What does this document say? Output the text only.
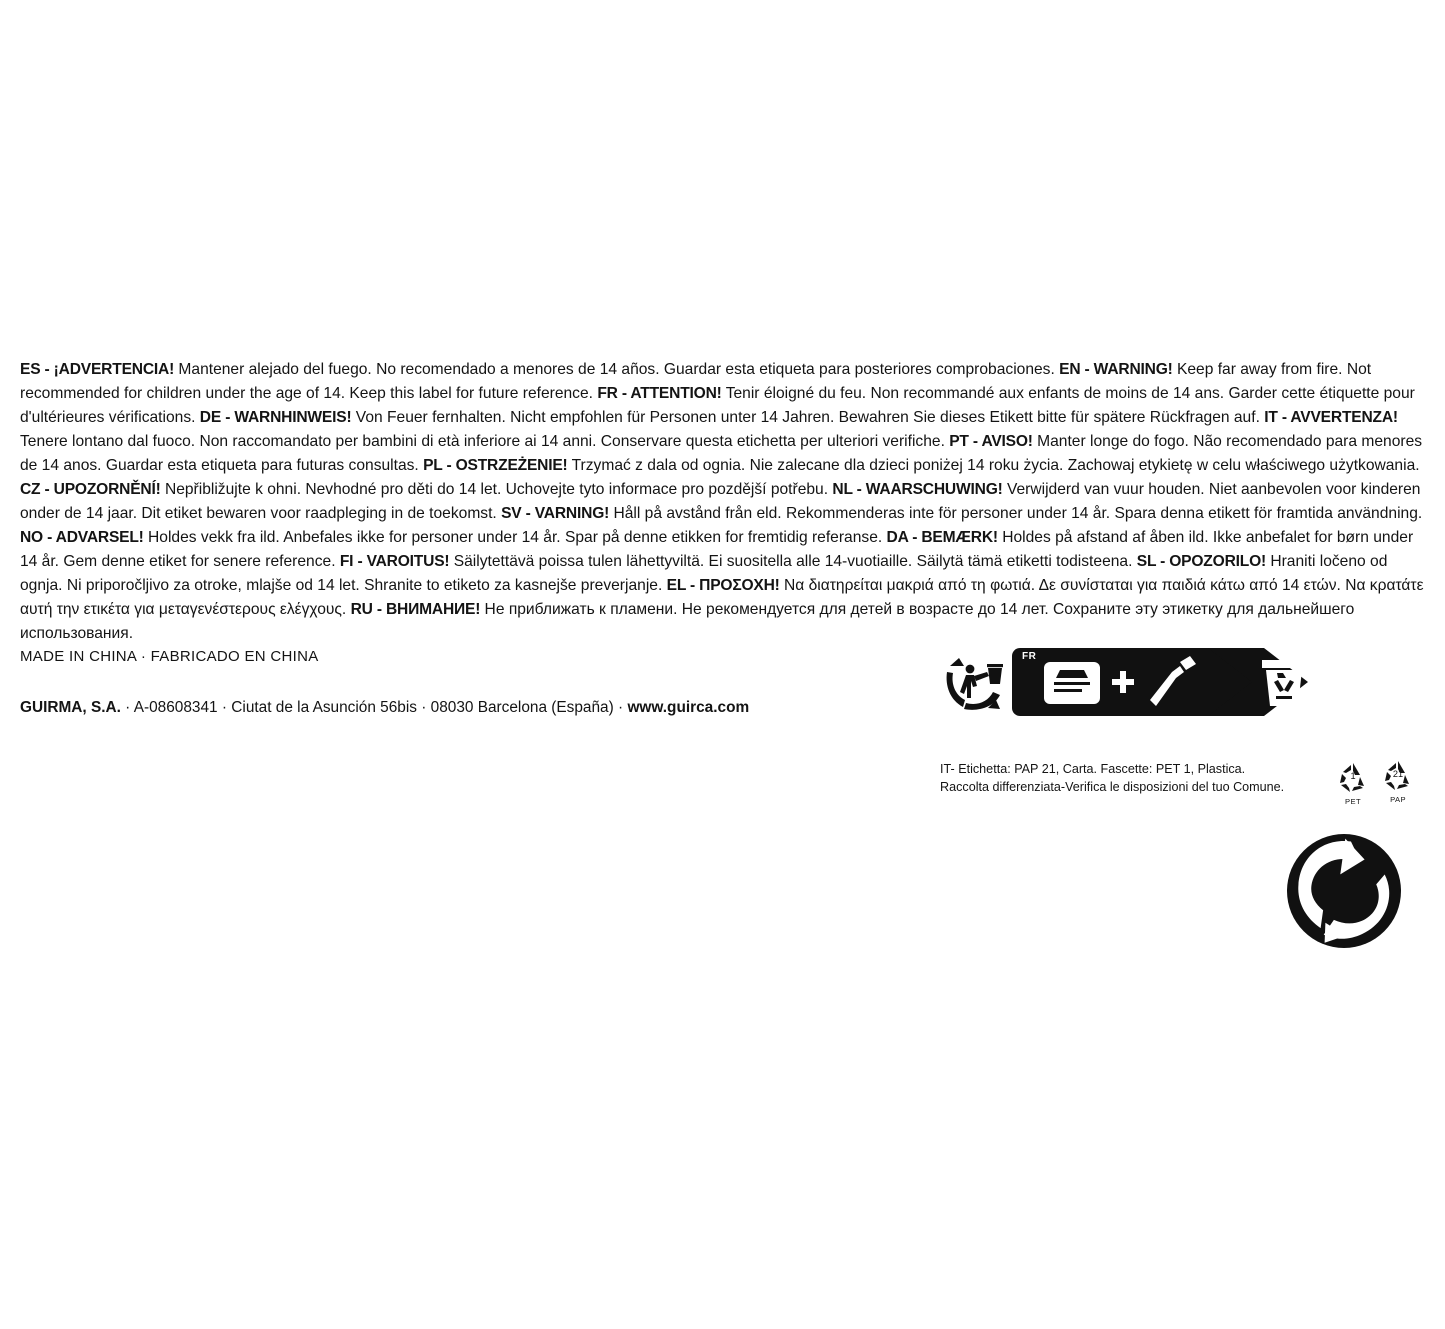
ES - ¡ADVERTENCIA! Mantener alejado del fuego. No recomendado a menores de 14 años. Guardar esta etiqueta para posteriores comprobaciones. EN - WARNING! Keep far away from fire. Not recommended for children under the age of 14. Keep this label for future reference. FR - ATTENTION! Tenir éloigné du feu. Non recommandé aux enfants de moins de 14 ans. Garder cette étiquette pour d'ultérieures vérifications. DE - WARNHINWEIS! Von Feuer fernhalten. Nicht empfohlen für Personen unter 14 Jahren. Bewahren Sie dieses Etikett bitte für spätere Rückfragen auf. IT - AVVERTENZA! Tenere lontano dal fuoco. Non raccomandato per bambini di età inferiore ai 14 anni. Conservare questa etichetta per ulteriori verifiche. PT - AVISO! Manter longe do fogo. Não recomendado para menores de 14 anos. Guardar esta etiqueta para futuras consultas. PL - OSTRZEŻENIE! Trzymać z dala od ognia. Nie zalecane dla dzieci poniżej 14 roku życia. Zachowaj etykietę w celu właściwego użytkowania. CZ - UPOZORNĚNÍ! Nepřibližujte k ohni. Nevhodné pro děti do 14 let. Uchovejte tyto informace pro pozdější potřebu. NL - WAARSCHUWING! Verwijderd van vuur houden. Niet aanbevolen voor kinderen onder de 14 jaar. Dit etiket bewaren voor raadpleging in de toekomst. SV - VARNING! Håll på avstånd från eld. Rekommenderas inte för personer under 14 år. Spara denna etikett för framtida användning. NO - ADVARSEL! Holdes vekk fra ild. Anbefales ikke for personer under 14 år. Spar på denne etikken for fremtidig referanse. DA - BEMÆRK! Holdes på afstand af åben ild. Ikke anbefalet for børn under 14 år. Gem denne etiket for senere reference. FI - VAROITUS! Säilytettävä poissa tulen lähettyviltä. Ei suositella alle 14-vuotiaille. Säilytä tämä etiketti todisteena. SL - OPOZORILO! Hraniti ločeno od ognja. Ni priporočljivo za otroke, mlajše od 14 let. Shranite to etiketo za kasnejše preverjanje. EL - ΠΡΟΣΟΧΗ! Να διατηρείται μακριά από τη φωτιά. Δε συνίσταται για παιδιά κάτω από 14 ετών. Να κρατάτε αυτή την ετικέτα για μεταγενέστερους ελέγχους. RU - ВНИМАНИЕ! Не приближать к пламени. Не рекомендуется для детей в возрасте до 14 лет. Сохраните эту этикетку для дальнейшего использования.
MADE IN CHINA · FABRICADO EN CHINA
GUIRMA, S.A. · A-08608341 · Ciutat de la Asunción 56bis · 08030 Barcelona (España) · www.guirca.com
FR
IT- Etichetta: PAP 21, Carta. Fascette: PET 1, Plastica.
Raccolta differenziata-Verifica le disposizioni del tuo Comune.
1
PET
21
PAP
